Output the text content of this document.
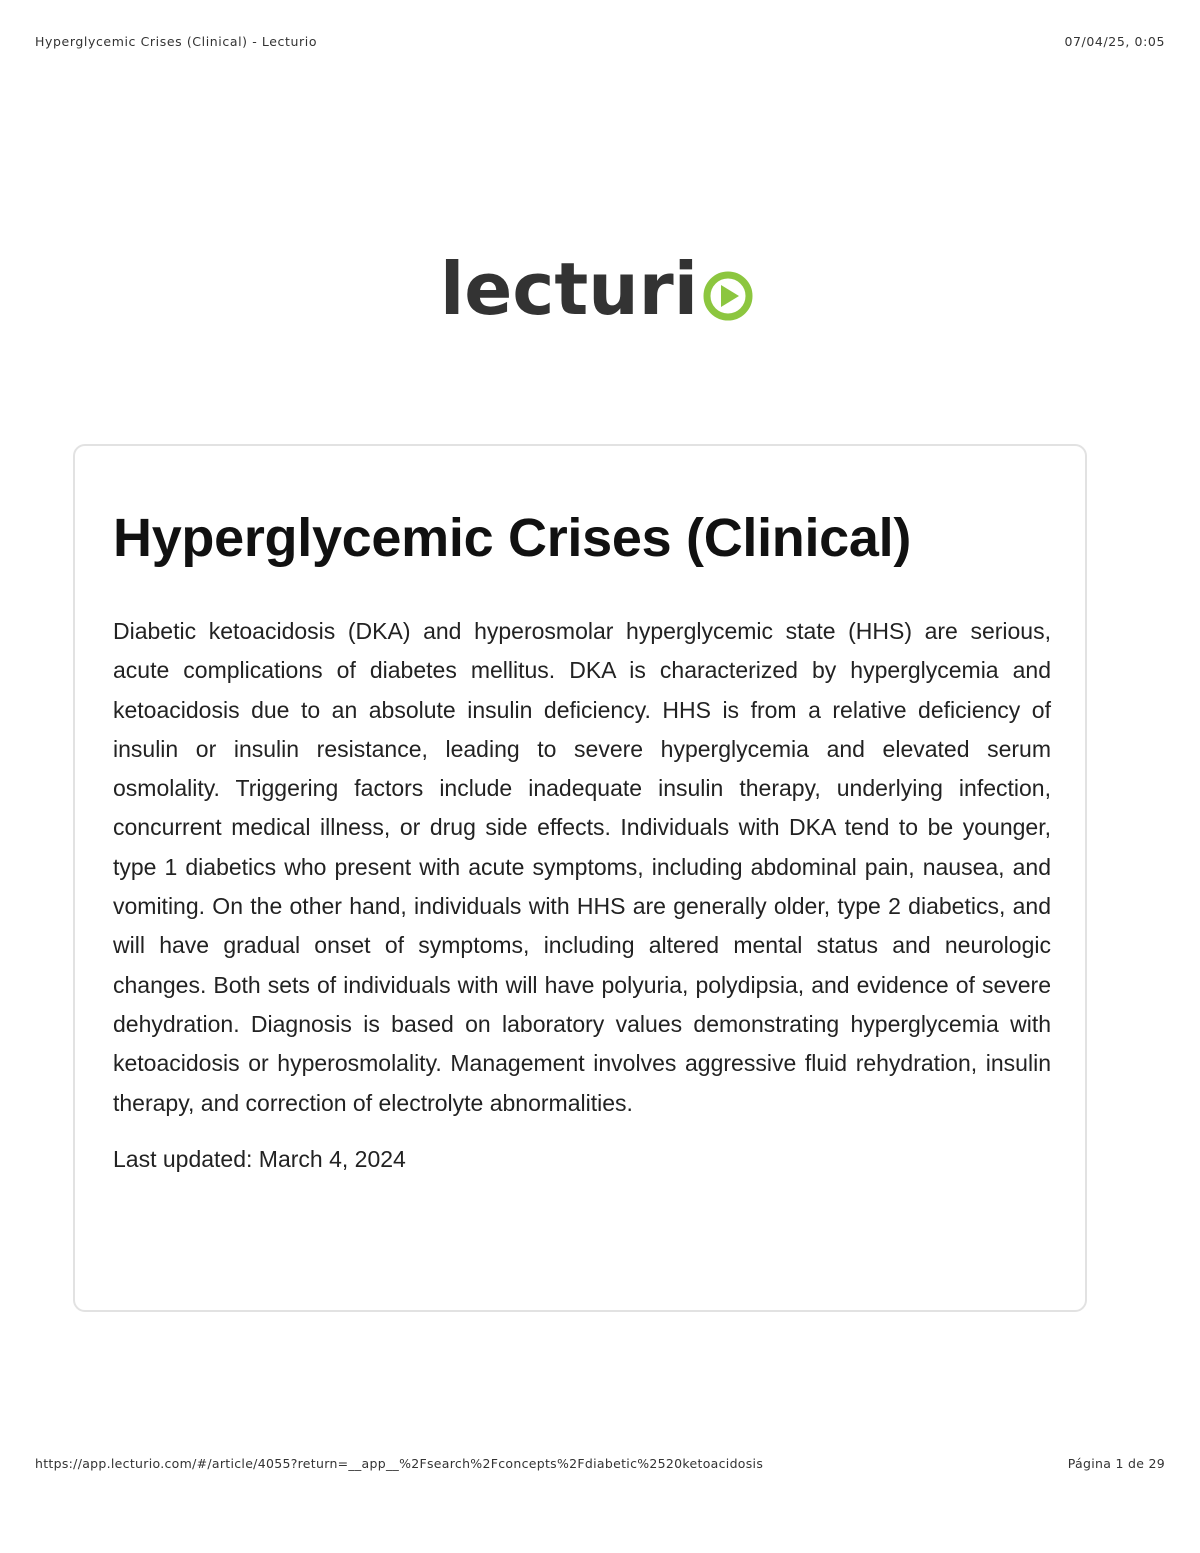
Hyperglycemic Crises (Clinical) - Lecturio	07/04/25, 0:05
lecturi
Hyperglycemic Crises (Clinical)

Diabetic ketoacidosis (DKA) and hyperosmolar hyperglycemic state (HHS) are serious, acute complications of diabetes mellitus. DKA is characterized by hyperglycemia and ketoacidosis due to an absolute insulin deficiency. HHS is from a relative deficiency of insulin or insulin resistance, leading to severe hyperglycemia and elevated serum osmolality. Triggering factors include inadequate insulin therapy, underlying infection, concurrent medical illness, or drug side effects. Individuals with DKA tend to be younger, type 1 diabetics who present with acute symptoms, including abdominal pain, nausea, and vomiting. On the other hand, individuals with HHS are generally older, type 2 diabetics, and will have gradual onset of symptoms, including altered mental status and neurologic changes. Both sets of individuals with will have polyuria, polydipsia, and evidence of severe dehydration. Diagnosis is based on laboratory values demonstrating hyperglycemia with ketoacidosis or hyperosmolality. Management involves aggressive fluid rehydration, insulin therapy, and correction of electrolyte abnormalities.

Last updated: March 4, 2024

https://app.lecturio.com/#/article/4055?return=__app__%2Fsearch%2Fconcepts%2Fdiabetic%2520ketoacidosis	Página 1 de 29
